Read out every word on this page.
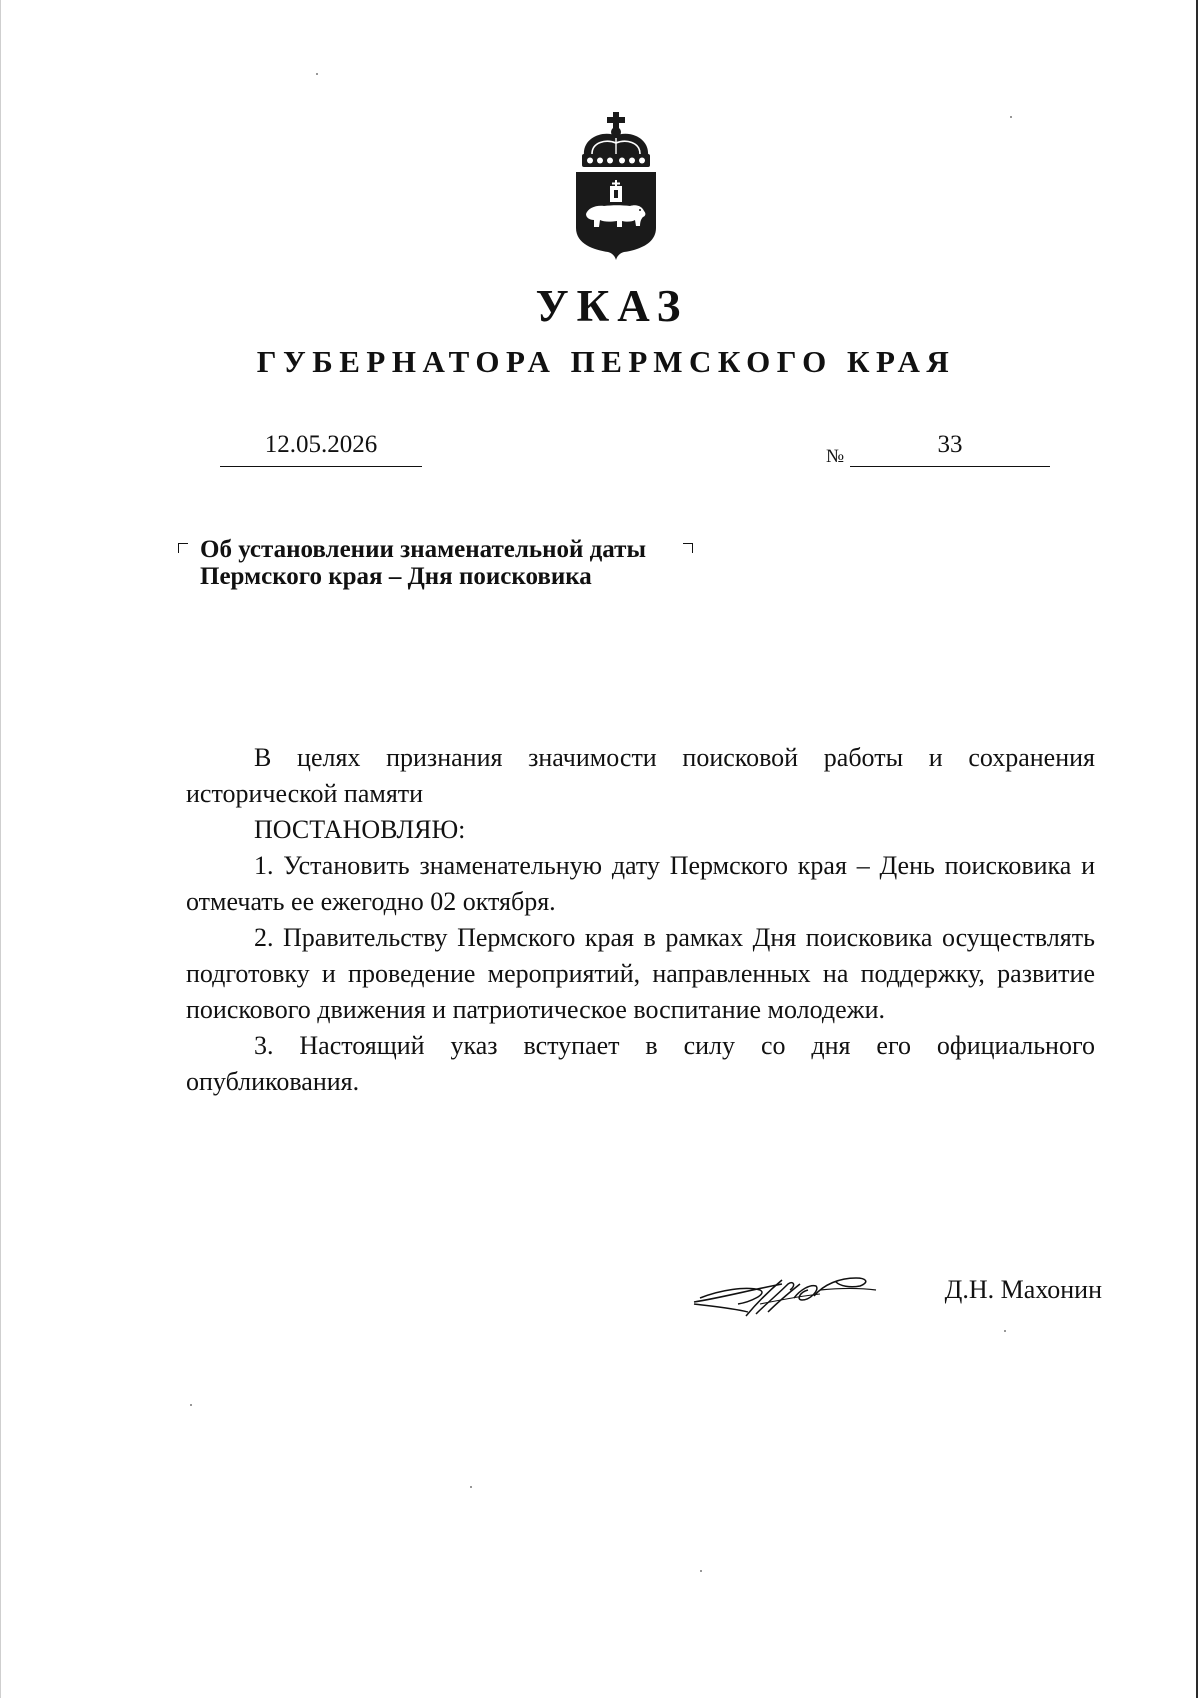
УКАЗ
ГУБЕРНАТОРА ПЕРМСКОГО КРАЯ
12.05.2026	№	33
Об установлении знаменательной даты
Пермского края – Дня поисковика

В целях признания значимости поисковой работы и сохранения исторической памяти

ПОСТАНОВЛЯЮ:

1. Установить знаменательную дату Пермского края – День поисковика и отмечать ее ежегодно 02 октября.

2. Правительству Пермского края в рамках Дня поисковика осуществлять подготовку и проведение мероприятий, направленных на поддержку, развитие поискового движения и патриотическое воспитание молодежи.

3. Настоящий указ вступает в силу со дня его официального опубликования.

Д.Н. Махонин
